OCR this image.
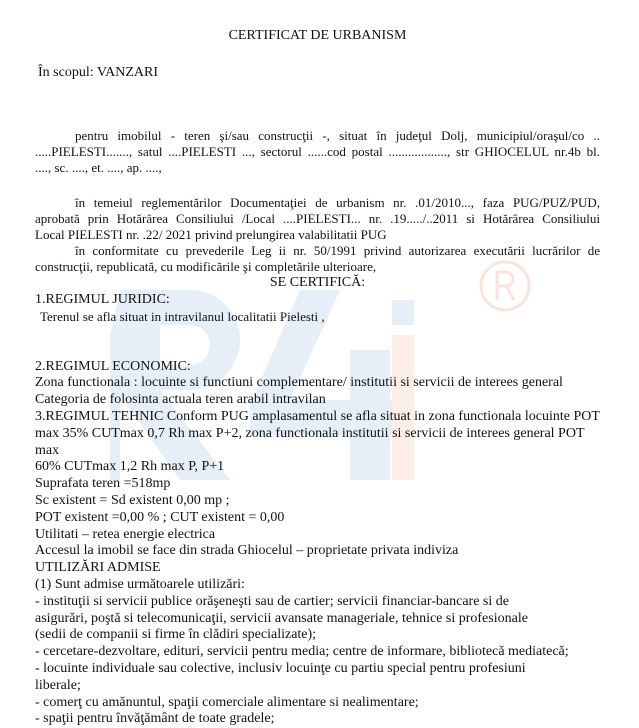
CERTIFICAT DE URBANISM
În scopul: VANZARI
pentru imobilul - teren şi/sau construcţii -, situat în judeţul Dolj, municipiul/oraşul/co ..
.....PIELESTI......., satul ....PIELESTI ..., sectorul ......cod postal .................., str GHIOCELUL nr.4b bl.
...., sc. ...., et. ...., ap. ....,
în temeiul reglementărilor Documentaţiei de urbanism nr. .01/2010..., faza PUG/PUZ/PUD,
aprobată prin Hotărârea Consiliului /Local ....PIELESTI... nr. .19...../..2011 si Hotărârea Consiliului
Local PIELESTI nr. .22/ 2021 privind prelungirea valabilitatii PUG
în conformitate cu prevederile Leg ii nr. 50/1991 privind autorizarea executării lucrărilor de
construcţii, republicată, cu modificările şi completările ulterioare,
SE CERTIFICĂ:
1.REGIMUL JURIDIC:
Terenul se afla situat in intravilanul localitatii Pielesti ,
2.REGIMUL ECONOMIC:
Zona functionala : locuinte si functiuni complementare/ institutii si servicii de interees general
Categoria de folosinta actuala teren arabil intravilan
3.REGIMUL TEHNIC Conform PUG amplasamentul se afla situat in zona functionala locuinte POT
max 35% CUTmax 0,7 Rh max P+2, zona functionala institutii si servicii de interees general POT max
60% CUTmax 1,2 Rh max P, P+1
Suprafata teren =518mp
Sc existent = Sd existent 0,00 mp ;
POT existent =0,00 % ; CUT existent = 0,00
Utilitati – retea energie electrica
Accesul la imobil se face din strada Ghiocelul – proprietate privata indiviza
UTILIZĂRI ADMISE
(1) Sunt admise următoarele utilizări:
- instituţii si servicii publice orăşeneşti sau de cartier; servicii financiar-bancare si de
asigurări, poştă si telecomunicaţii, servicii avansate manageriale, tehnice si profesionale
(sedii de companii si firme în clădiri specializate);
- cercetare-dezvoltare, edituri, servicii pentru media; centre de informare, bibliotecă mediatecă;
- locuinte individuale sau colective, inclusiv locuinţe cu partiu special pentru profesiuni
liberale;
- comerţ cu amănuntul, spaţii comerciale alimentare si nealimentare;
- spaţii pentru învăţământ de toate gradele;
